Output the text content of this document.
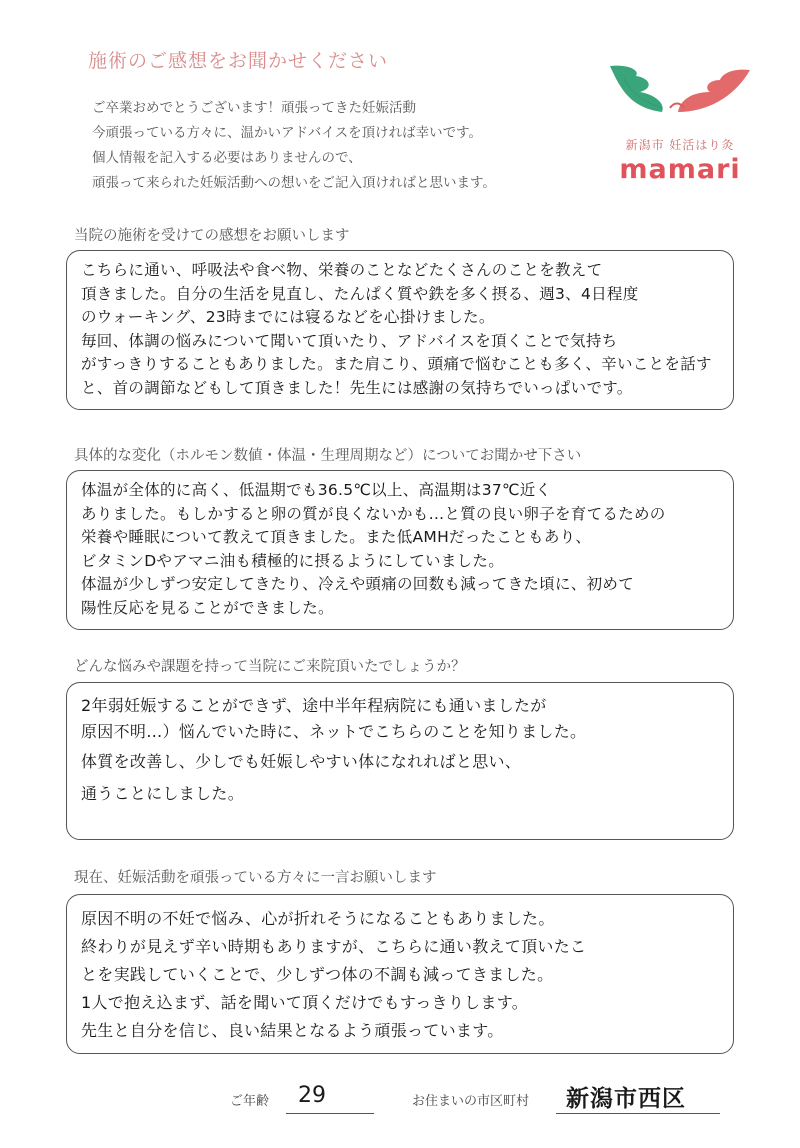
施術のご感想をお聞かせください
ご卒業おめでとうございます！頑張ってきた妊娠活動
今頑張っている方々に、温かいアドバイスを頂ければ幸いです。
個人情報を記入する必要はありませんので、
頑張って来られた妊娠活動への想いをご記入頂ければと思います。
新潟市 妊活はり灸
mamari
当院の施術を受けての感想をお願いします
こちらに通い、呼吸法や食べ物、栄養のことなどたくさんのことを教えて
頂きました。自分の生活を見直し、たんぱく質や鉄を多く摂る、週3、4日程度
のウォーキング、23時までには寝るなどを心掛けました。
毎回、体調の悩みについて聞いて頂いたり、アドバイスを頂くことで気持ち
がすっきりすることもありました。また肩こり、頭痛で悩むことも多く、辛いことを話す
と、首の調節などもして頂きました！先生には感謝の気持ちでいっぱいです。
具体的な変化（ホルモン数値・体温・生理周期など）についてお聞かせ下さい
体温が全体的に高く、低温期でも36.5℃以上、高温期は37℃近く
ありました。もしかすると卵の質が良くないかも…と質の良い卵子を育てるための
栄養や睡眠について教えて頂きました。また低AMHだったこともあり、
ビタミンDやアマニ油も積極的に摂るようにしていました。
体温が少しずつ安定してきたり、冷えや頭痛の回数も減ってきた頃に、初めて
陽性反応を見ることができました。
どんな悩みや課題を持って当院にご来院頂いたでしょうか？
2年弱妊娠することができず、途中半年程病院にも通いましたが
原因不明…）悩んでいた時に、ネットでこちらのことを知りました。
体質を改善し、少しでも妊娠しやすい体になれればと思い、
通うことにしました。
現在、妊娠活動を頑張っている方々に一言お願いします
原因不明の不妊で悩み、心が折れそうになることもありました。
終わりが見えず辛い時期もありますが、こちらに通い教えて頂いたこ
とを実践していくことで、少しずつ体の不調も減ってきました。
1人で抱え込まず、話を聞いて頂くだけでもすっきりします。
先生と自分を信じ、良い結果となるよう頑張っています。
ご年齢 29	お住まいの市区町村 新潟市西区
